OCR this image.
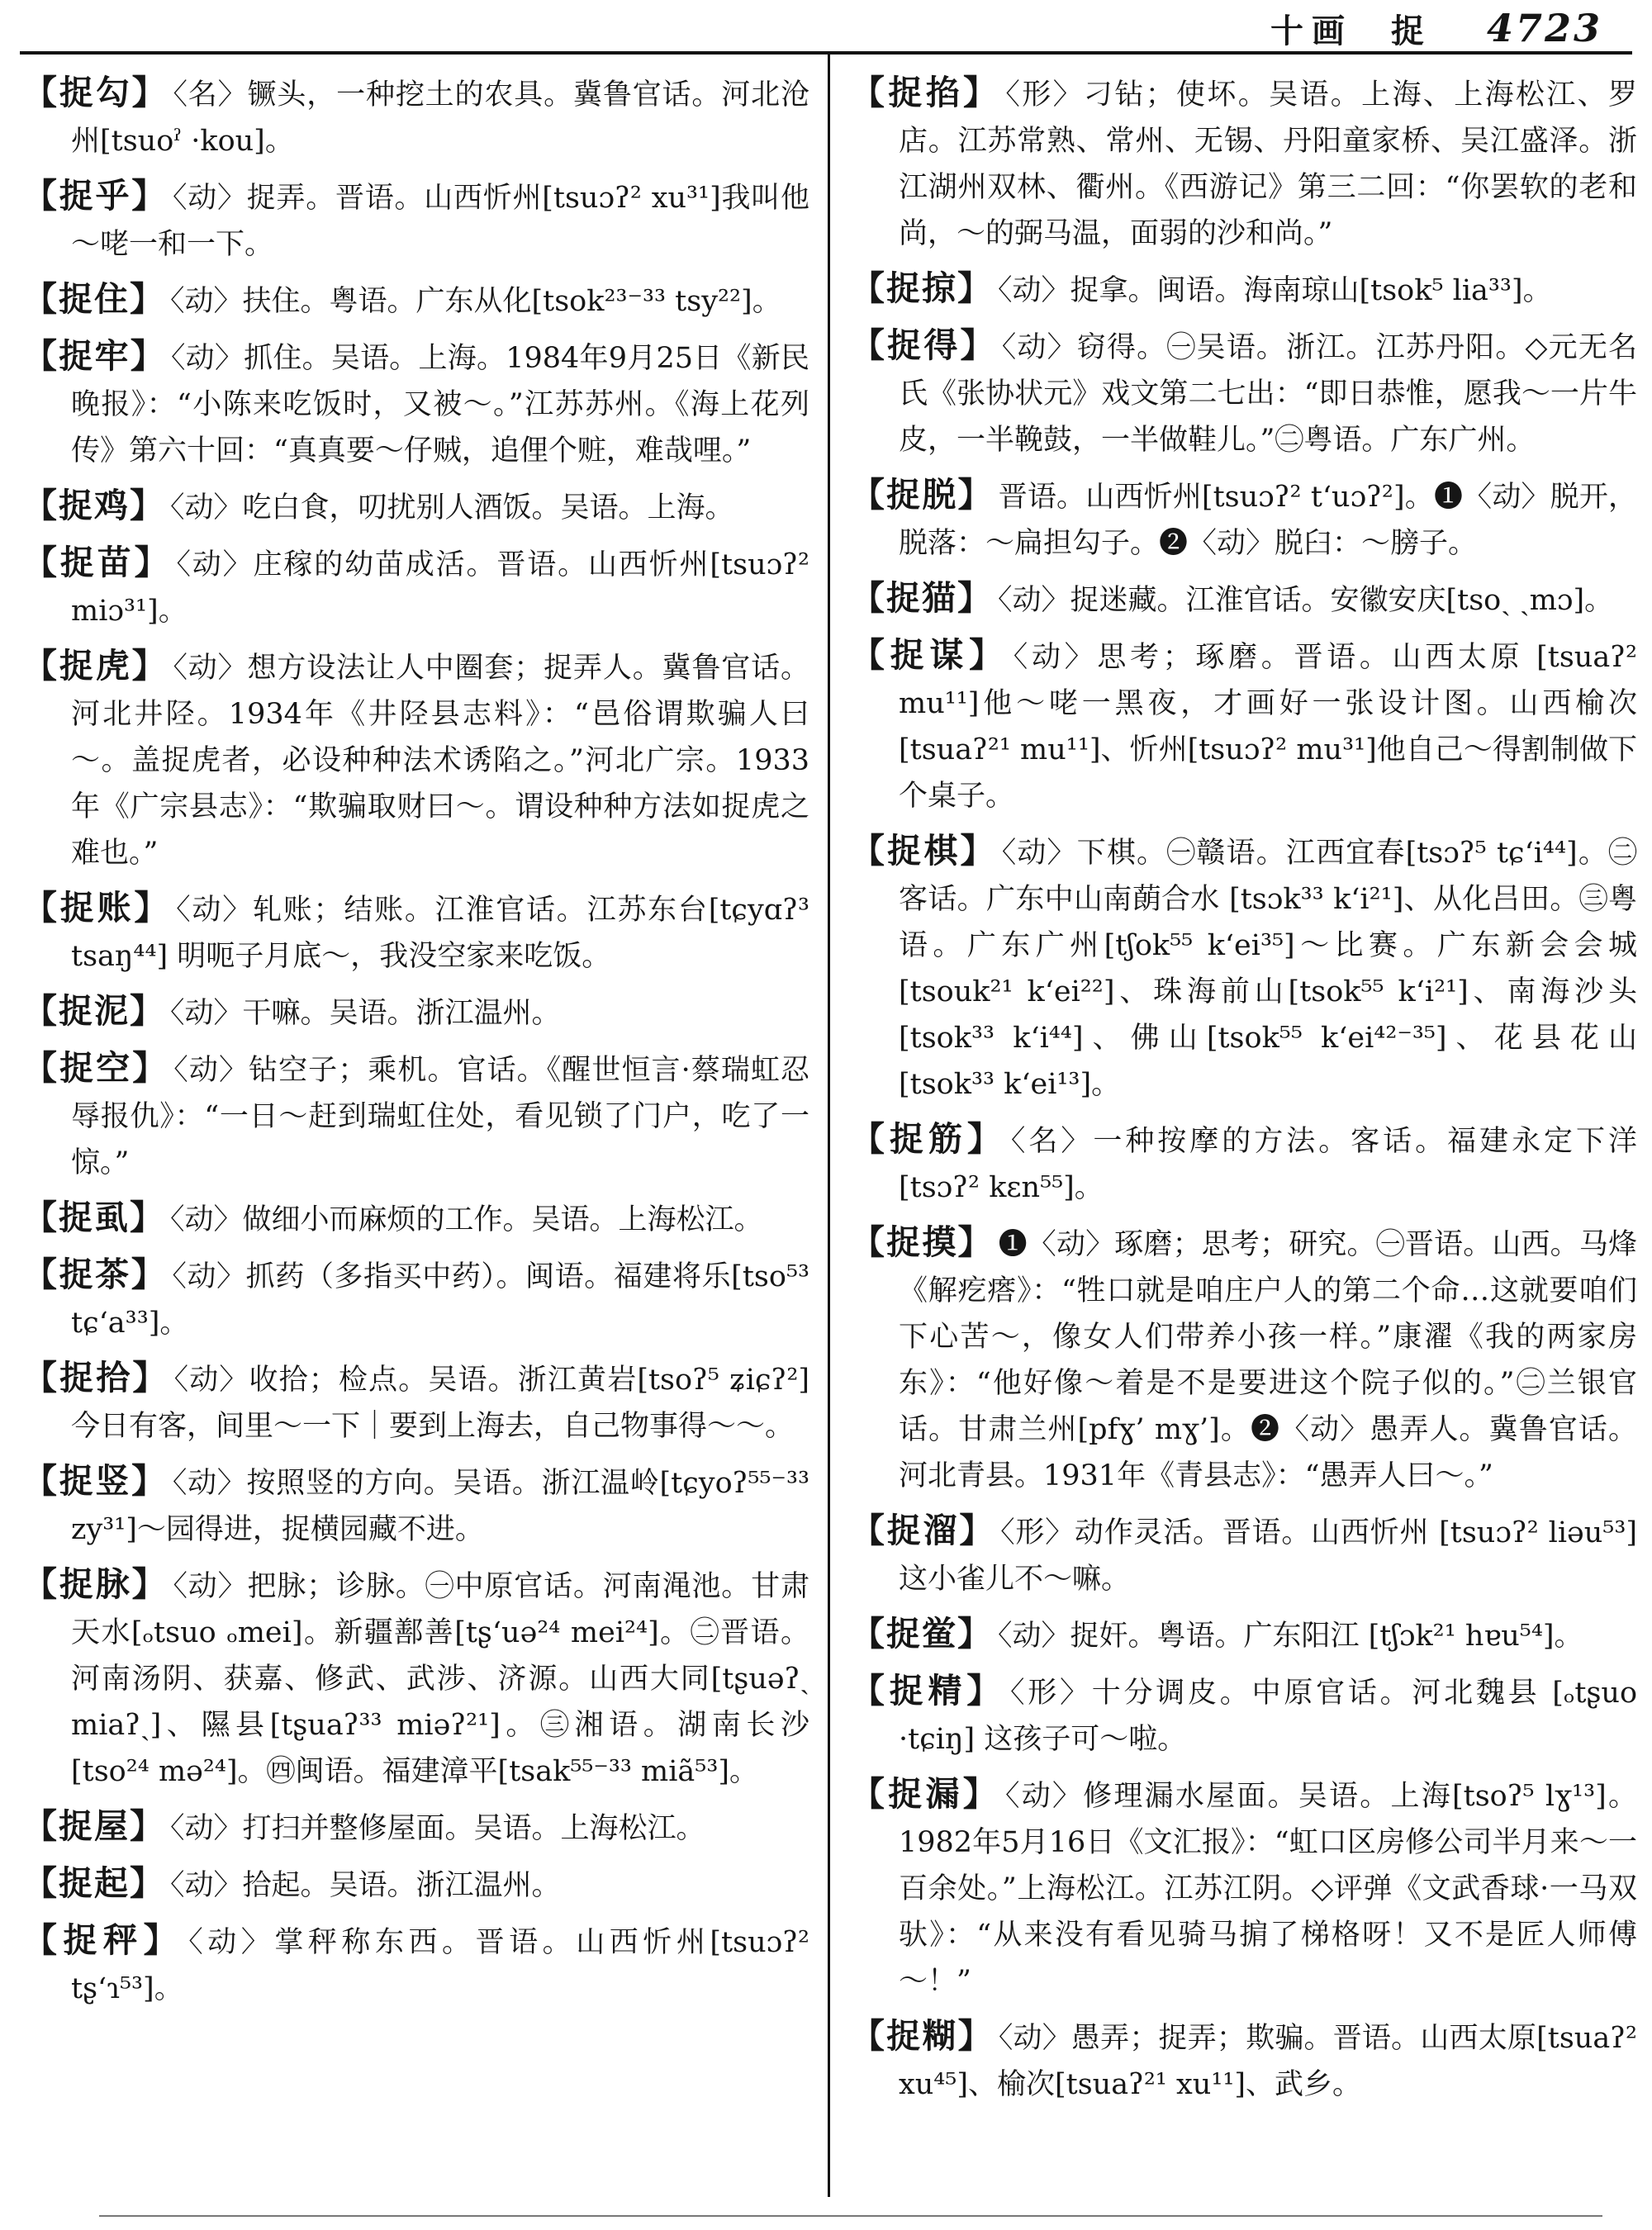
十画 捉 4723

【捉勾】 〈名〉镢头，一种挖土的农具。冀鲁官话。河北沧州[tsuoˀ ·kou]。

【捉乎】 〈动〉捉弄。晋语。山西忻州[tsuɔʔ² xu³¹]我叫他～咾一和一下。

【捉住】 〈动〉扶住。粤语。广东从化[tsok²³⁻³³ tsy²²]。

【捉牢】 〈动〉抓住。吴语。上海。1984年9月25日《新民晚报》：“小陈来吃饭时，又被～。”江苏苏州。《海上花列传》第六十回：“真真要～仔贼，追俚个赃，难哉哩。”

【捉鸡】 〈动〉吃白食，叨扰别人酒饭。吴语。上海。

【捉苗】 〈动〉庄稼的幼苗成活。晋语。山西忻州[tsuɔʔ² miɔ³¹]。

【捉虎】 〈动〉想方设法让人中圈套；捉弄人。冀鲁官话。河北井陉。1934年《井陉县志料》：“邑俗谓欺骗人曰～。盖捉虎者，必设种种法术诱陷之。”河北广宗。1933年《广宗县志》：“欺骗取财曰～。谓设种种方法如捉虎之难也。”

【捉账】 〈动〉轧账；结账。江淮官话。江苏东台[tɕyɑʔ³ tsaŋ⁴⁴] 明呃子月底～，我没空家来吃饭。

【捉泥】 〈动〉干嘛。吴语。浙江温州。

【捉空】 〈动〉钻空子；乘机。官话。《醒世恒言·蔡瑞虹忍辱报仇》：“一日～赶到瑞虹住处，看见锁了门户，吃了一惊。”

【捉虱】 〈动〉做细小而麻烦的工作。吴语。上海松江。

【捉茶】 〈动〉抓药（多指买中药）。闽语。福建将乐[tso⁵³ tɕ‘a³³]。

【捉拾】 〈动〉收拾；检点。吴语。浙江黄岩[tsoʔ⁵ ʑiɕʔ²] 今日有客，间里～一下｜要到上海去，自己物事得～～。

【捉竖】 〈动〉按照竖的方向。吴语。浙江温岭[tɕyoʔ⁵⁵⁻³³ zy³¹]～园得进，捉横园藏不进。

【捉脉】 〈动〉把脉；诊脉。㊀中原官话。河南渑池。甘肃天水[ₒtsuo ₒmei]。新疆鄯善[tʂ‘uə²⁴ mei²⁴]。㊁晋语。河南汤阴、获嘉、修武、武涉、济源。山西大同[tʂuəʔˏ miaʔˏ]、隰县[tʂuaʔ³³ miəʔ²¹]。㊂湘语。湖南长沙[tso²⁴ mə²⁴]。㊃闽语。福建漳平[tsak⁵⁵⁻³³ miã⁵³]。

【捉屋】 〈动〉打扫并整修屋面。吴语。上海松江。

【捉起】 〈动〉拾起。吴语。浙江温州。

【捉秤】 〈动〉掌秤称东西。晋语。山西忻州[tsuɔʔ² tʂ‘ɿ⁵³]。

【捉掐】 〈形〉刁钻；使坏。吴语。上海、上海松江、罗店。江苏常熟、常州、无锡、丹阳童家桥、吴江盛泽。浙江湖州双林、衢州。《西游记》第三二回：“你罢软的老和尚，～的弼马温，面弱的沙和尚。”

【捉掠】 〈动〉捉拿。闽语。海南琼山[tsok⁵ lia³³]。

【捉得】 〈动〉窃得。㊀吴语。浙江。江苏丹阳。◇元无名氏《张协状元》戏文第二七出：“即日恭惟，愿我～一片牛皮，一半鞔鼓，一半做鞋儿。”㊁粤语。广东广州。

【捉脱】 晋语。山西忻州[tsuɔʔ² t‘uɔʔ²]。❶〈动〉脱开，脱落：～扁担勾子。❷〈动〉脱臼：～膀子。

【捉猫】 〈动〉捉迷藏。江淮官话。安徽安庆[tsoˏ ˏmɔ]。

【捉谋】 〈动〉思考；琢磨。晋语。山西太原 [tsuaʔ² mu¹¹]他～咾一黑夜，才画好一张设计图。山西榆次[tsuaʔ²¹ mu¹¹]、忻州[tsuɔʔ² mu³¹]他自己～得割制做下个桌子。

【捉棋】 〈动〉下棋。㊀赣语。江西宜春[tsɔʔ⁵ tɕ‘i⁴⁴]。㊁客话。广东中山南蓢合水 [tsɔk³³ k‘i²¹]、从化吕田。㊂粤语。广东广州[tʃok⁵⁵ k‘ei³⁵]～比赛。广东新会会城[tsouk²¹ k‘ei²²]、珠海前山[tsok⁵⁵ k‘i²¹]、南海沙头[tsok³³ k‘i⁴⁴]、佛山[tsok⁵⁵ k‘ei⁴²⁻³⁵]、花县花山 [tsok³³ k‘ei¹³]。

【捉筋】 〈名〉一种按摩的方法。客话。福建永定下洋[tsɔʔ² kɛn⁵⁵]。

【捉摸】 ❶〈动〉琢磨；思考；研究。㊀晋语。山西。马烽《解疙瘩》：“牲口就是咱庄户人的第二个命…这就要咱们下心苦～，像女人们带养小孩一样。”康濯《我的两家房东》：“他好像～着是不是要进这个院子似的。”㊁兰银官话。甘肃兰州[pfɣ’ mɣ’]。❷〈动〉愚弄人。冀鲁官话。河北青县。1931年《青县志》：“愚弄人曰～。”

【捉溜】 〈形〉动作灵活。晋语。山西忻州 [tsuɔʔ² liəu⁵³] 这小雀儿不～嘛。

【捉鲎】 〈动〉捉奸。粤语。广东阳江 [tʃɔk²¹ hɐu⁵⁴]。

【捉精】 〈形〉十分调皮。中原官话。河北魏县 [ₒtʂuo ·tɕiŋ] 这孩子可～啦。

【捉漏】 〈动〉修理漏水屋面。吴语。上海[tsoʔ⁵ lɣ¹³]。1982年5月16日《文汇报》：“虹口区房修公司半月来～一百余处。”上海松江。江苏江阴。◇评弹《文武香球·一马双驮》：“从来没有看见骑马掮了梯格呀！又不是匠人师傅～！”

【捉糊】 〈动〉愚弄；捉弄；欺骗。晋语。山西太原[tsuaʔ² xu⁴⁵]、榆次[tsuaʔ²¹ xu¹¹]、武乡。
